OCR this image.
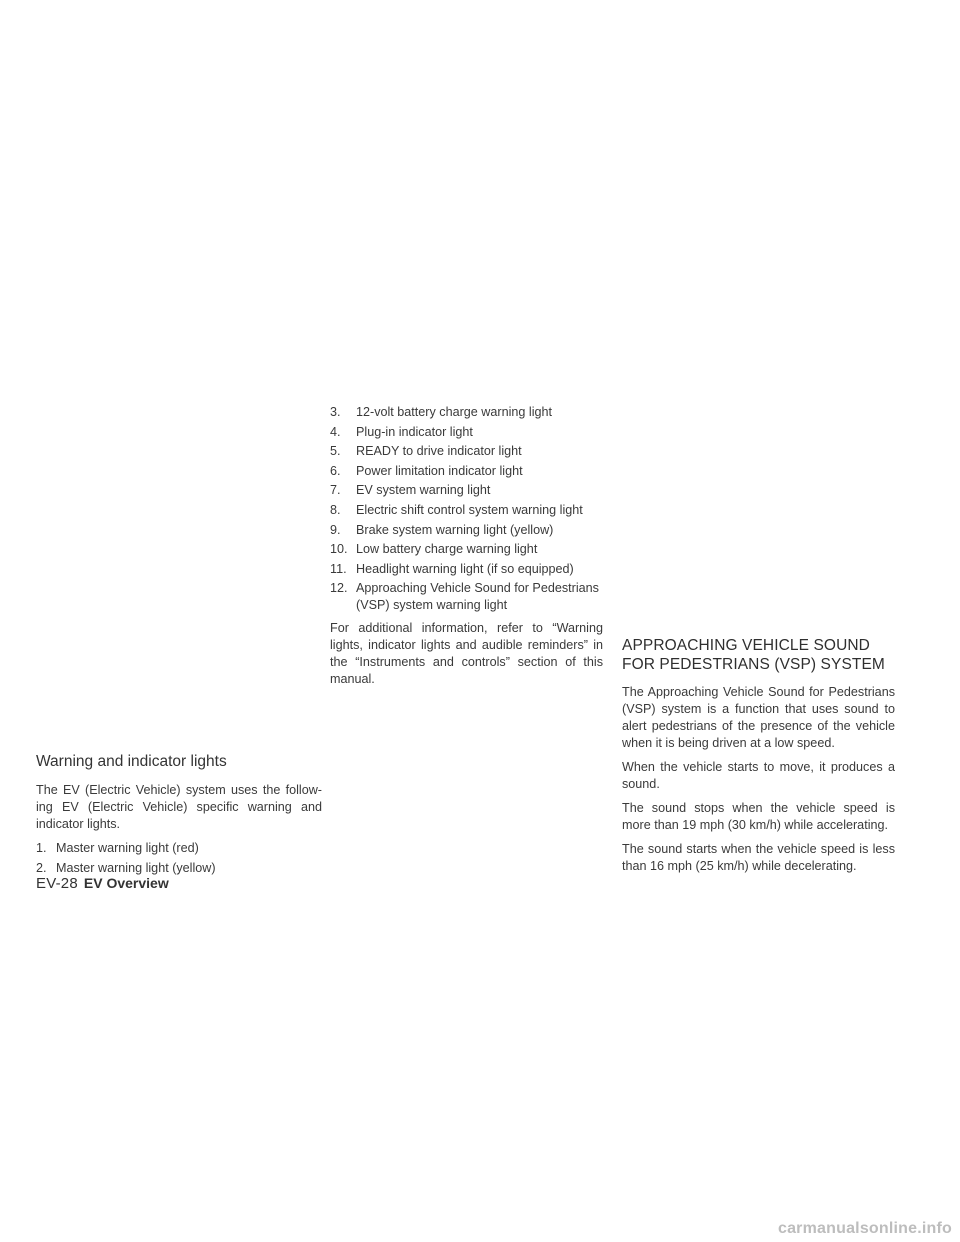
Warning and indicator lights

The EV (Electric Vehicle) system uses the follow-ing EV (Electric Vehicle) specific warning and indicator lights.

1. Master warning light (red)
2. Master warning light (yellow)
3. 12-volt battery charge warning light
4. Plug-in indicator light
5. READY to drive indicator light
6. Power limitation indicator light
7. EV system warning light
8. Electric shift control system warning light
9. Brake system warning light (yellow)
10. Low battery charge warning light
11. Headlight warning light (if so equipped)
12. Approaching Vehicle Sound for Pedestrians (VSP) system warning light

For additional information, refer to “Warning lights, indicator lights and audible reminders” in the “Instruments and controls” section of this manual.

APPROACHING VEHICLE SOUND
FOR PEDESTRIANS (VSP) SYSTEM

The Approaching Vehicle Sound for Pedestrians (VSP) system is a function that uses sound to alert pedestrians of the presence of the vehicle when it is being driven at a low speed.

When the vehicle starts to move, it produces a sound.

The sound stops when the vehicle speed is more than 19 mph (30 km/h) while accelerating.

The sound starts when the vehicle speed is less than 16 mph (25 km/h) while decelerating.

EV-28 EV Overview
carmanualsonline.info
